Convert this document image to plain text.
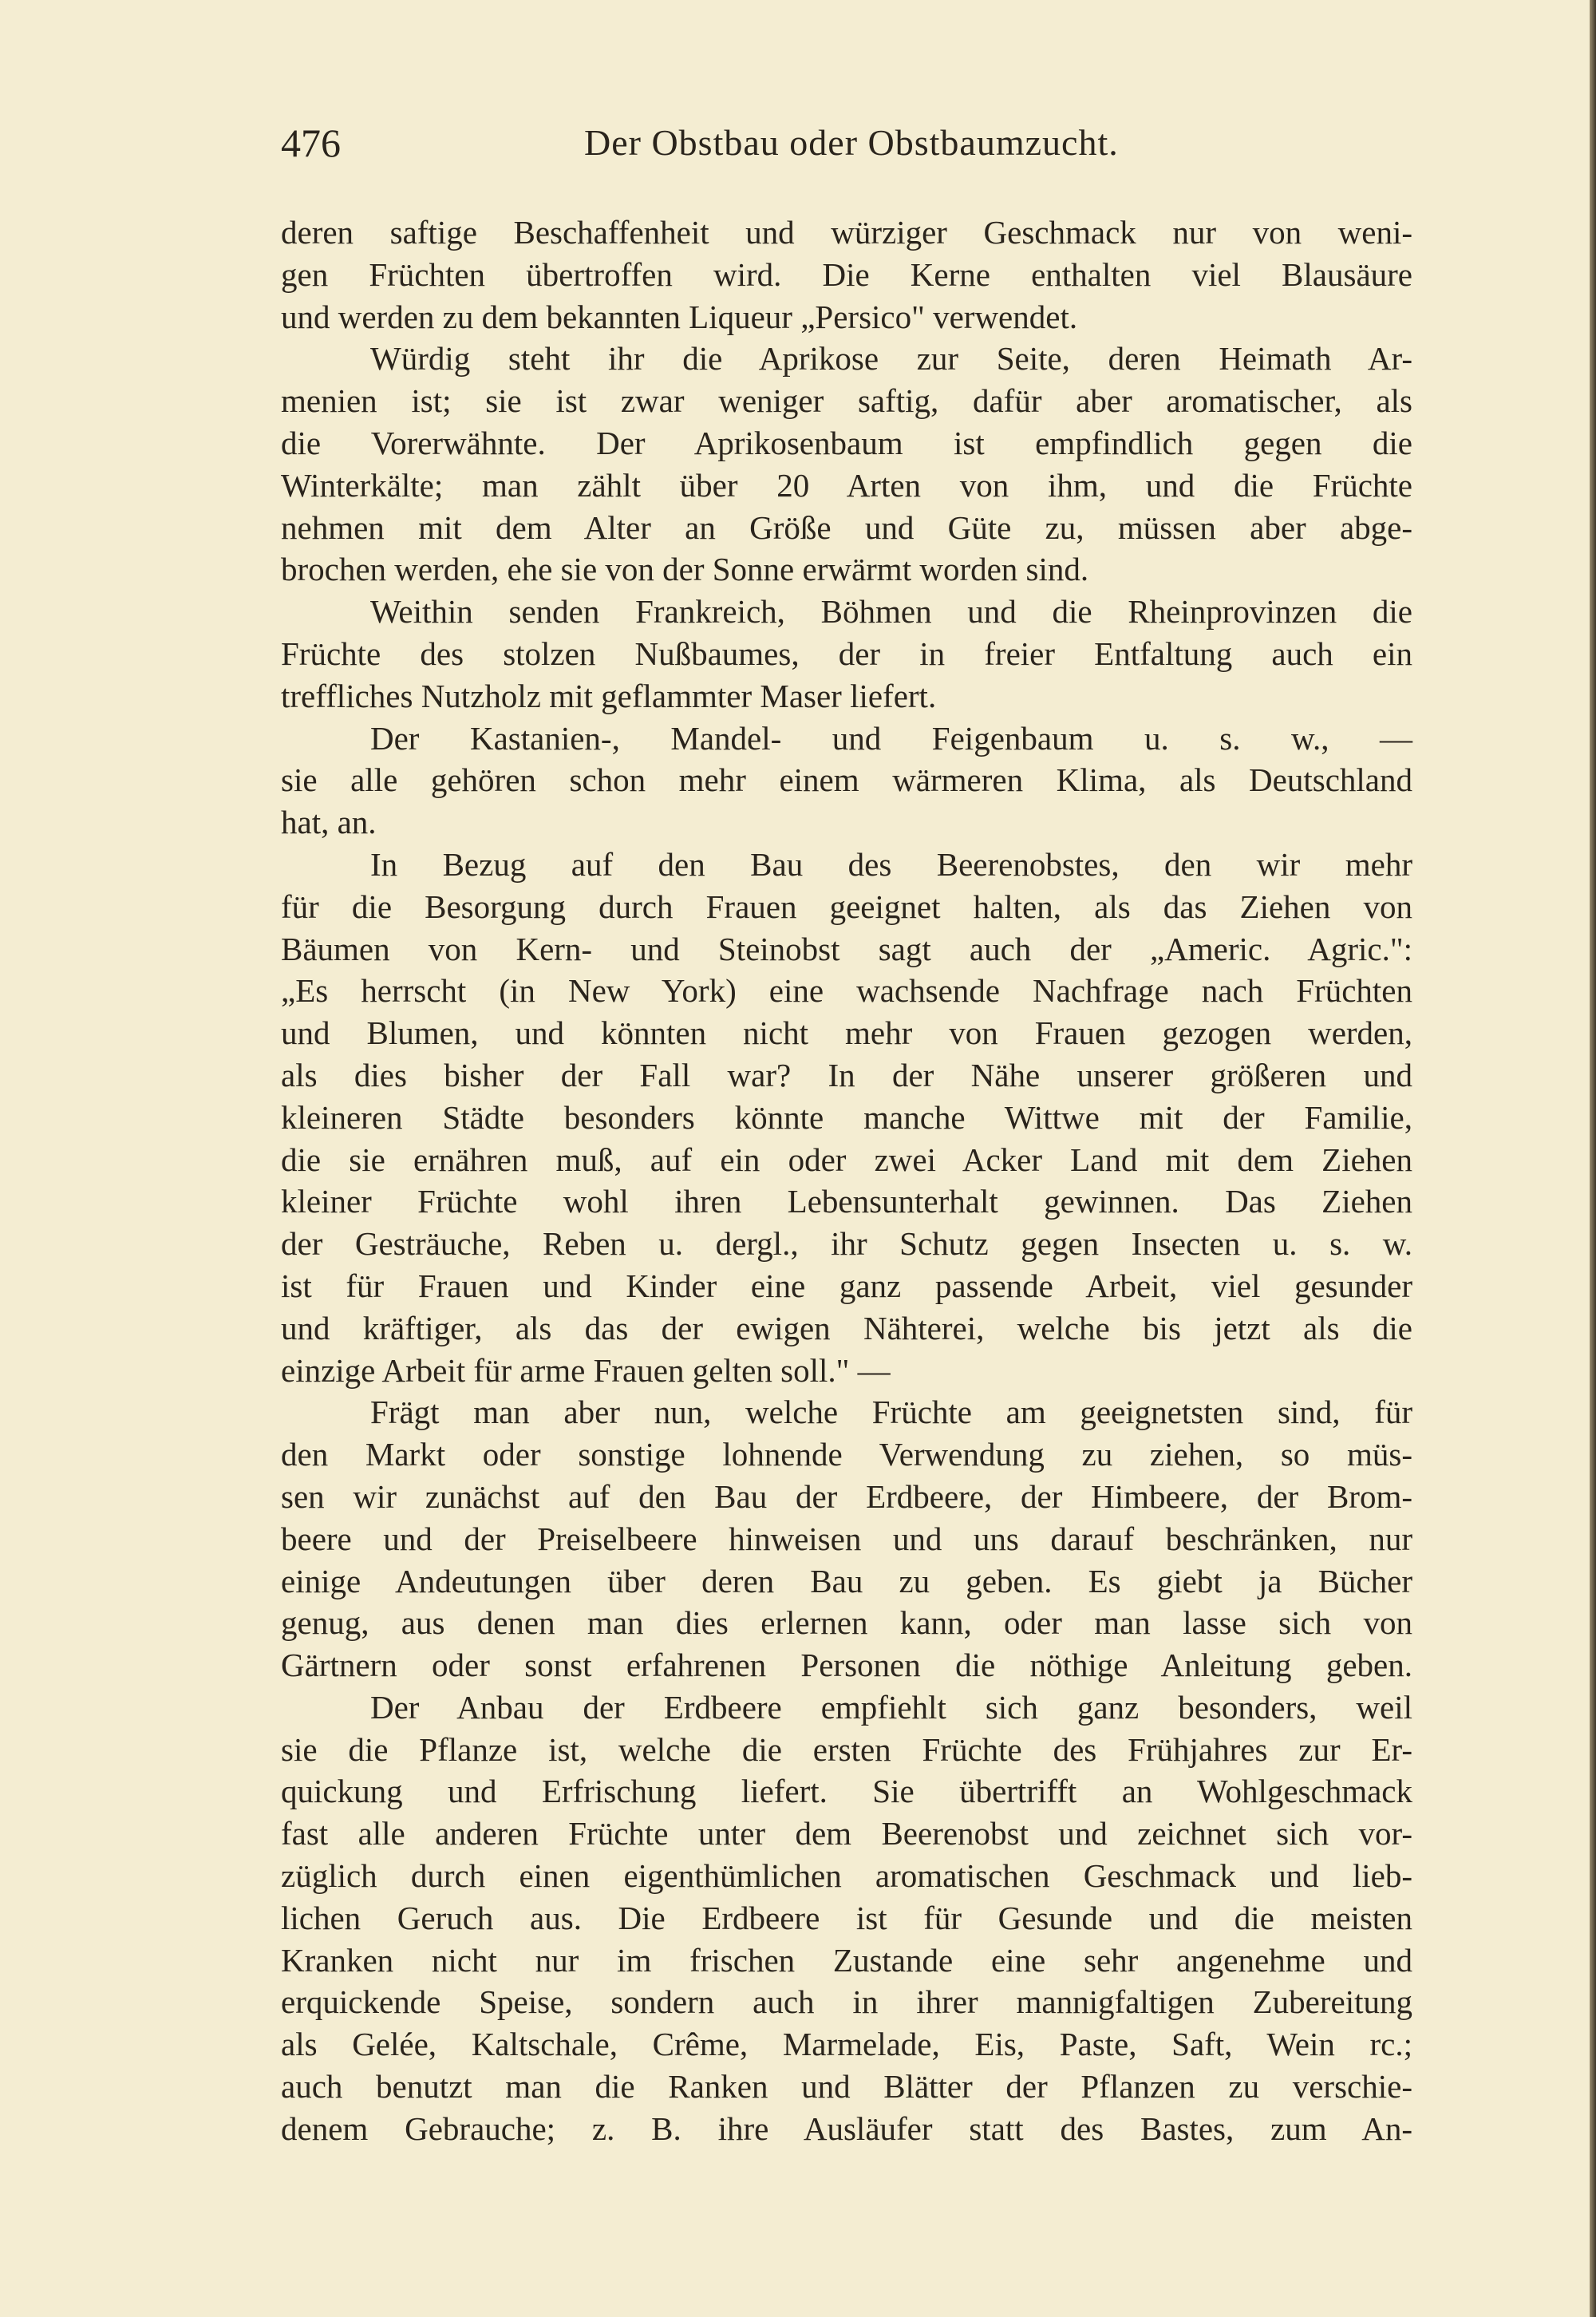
476	Der Obstbau oder Obstbaumzucht.
deren saftige Beschaffenheit und würziger Geschmack nur von weni-
gen Früchten übertroffen wird. Die Kerne enthalten viel Blausäure
und werden zu dem bekannten Liqueur „Persico" verwendet.
Würdig steht ihr die Aprikose zur Seite, deren Heimath Ar-
menien ist; sie ist zwar weniger saftig, dafür aber aromatischer, als
die Vorerwähnte. Der Aprikosenbaum ist empfindlich gegen die
Winterkälte; man zählt über 20 Arten von ihm, und die Früchte
nehmen mit dem Alter an Größe und Güte zu, müssen aber abge-
brochen werden, ehe sie von der Sonne erwärmt worden sind.
Weithin senden Frankreich, Böhmen und die Rheinprovinzen die
Früchte des stolzen Nußbaumes, der in freier Entfaltung auch ein
treffliches Nutzholz mit geflammter Maser liefert.
Der Kastanien-, Mandel- und Feigenbaum u. s. w., —
sie alle gehören schon mehr einem wärmeren Klima, als Deutschland
hat, an.
In Bezug auf den Bau des Beerenobstes, den wir mehr
für die Besorgung durch Frauen geeignet halten, als das Ziehen von
Bäumen von Kern- und Steinobst sagt auch der „Americ. Agric.":
„Es herrscht (in New York) eine wachsende Nachfrage nach Früchten
und Blumen, und könnten nicht mehr von Frauen gezogen werden,
als dies bisher der Fall war? In der Nähe unserer größeren und
kleineren Städte besonders könnte manche Wittwe mit der Familie,
die sie ernähren muß, auf ein oder zwei Acker Land mit dem Ziehen
kleiner Früchte wohl ihren Lebensunterhalt gewinnen. Das Ziehen
der Gesträuche, Reben u. dergl., ihr Schutz gegen Insecten u. s. w.
ist für Frauen und Kinder eine ganz passende Arbeit, viel gesunder
und kräftiger, als das der ewigen Nähterei, welche bis jetzt als die
einzige Arbeit für arme Frauen gelten soll." —
Frägt man aber nun, welche Früchte am geeignetsten sind, für
den Markt oder sonstige lohnende Verwendung zu ziehen, so müs-
sen wir zunächst auf den Bau der Erdbeere, der Himbeere, der Brom-
beere und der Preiselbeere hinweisen und uns darauf beschränken, nur
einige Andeutungen über deren Bau zu geben. Es giebt ja Bücher
genug, aus denen man dies erlernen kann, oder man lasse sich von
Gärtnern oder sonst erfahrenen Personen die nöthige Anleitung geben.
Der Anbau der Erdbeere empfiehlt sich ganz besonders, weil
sie die Pflanze ist, welche die ersten Früchte des Frühjahres zur Er-
quickung und Erfrischung liefert. Sie übertrifft an Wohlgeschmack
fast alle anderen Früchte unter dem Beerenobst und zeichnet sich vor-
züglich durch einen eigenthümlichen aromatischen Geschmack und lieb-
lichen Geruch aus. Die Erdbeere ist für Gesunde und die meisten
Kranken nicht nur im frischen Zustande eine sehr angenehme und
erquickende Speise, sondern auch in ihrer mannigfaltigen Zubereitung
als Gelée, Kaltschale, Crême, Marmelade, Eis, Paste, Saft, Wein rc.;
auch benutzt man die Ranken und Blätter der Pflanzen zu verschie-
denem Gebrauche; z. B. ihre Ausläufer statt des Bastes, zum An-
